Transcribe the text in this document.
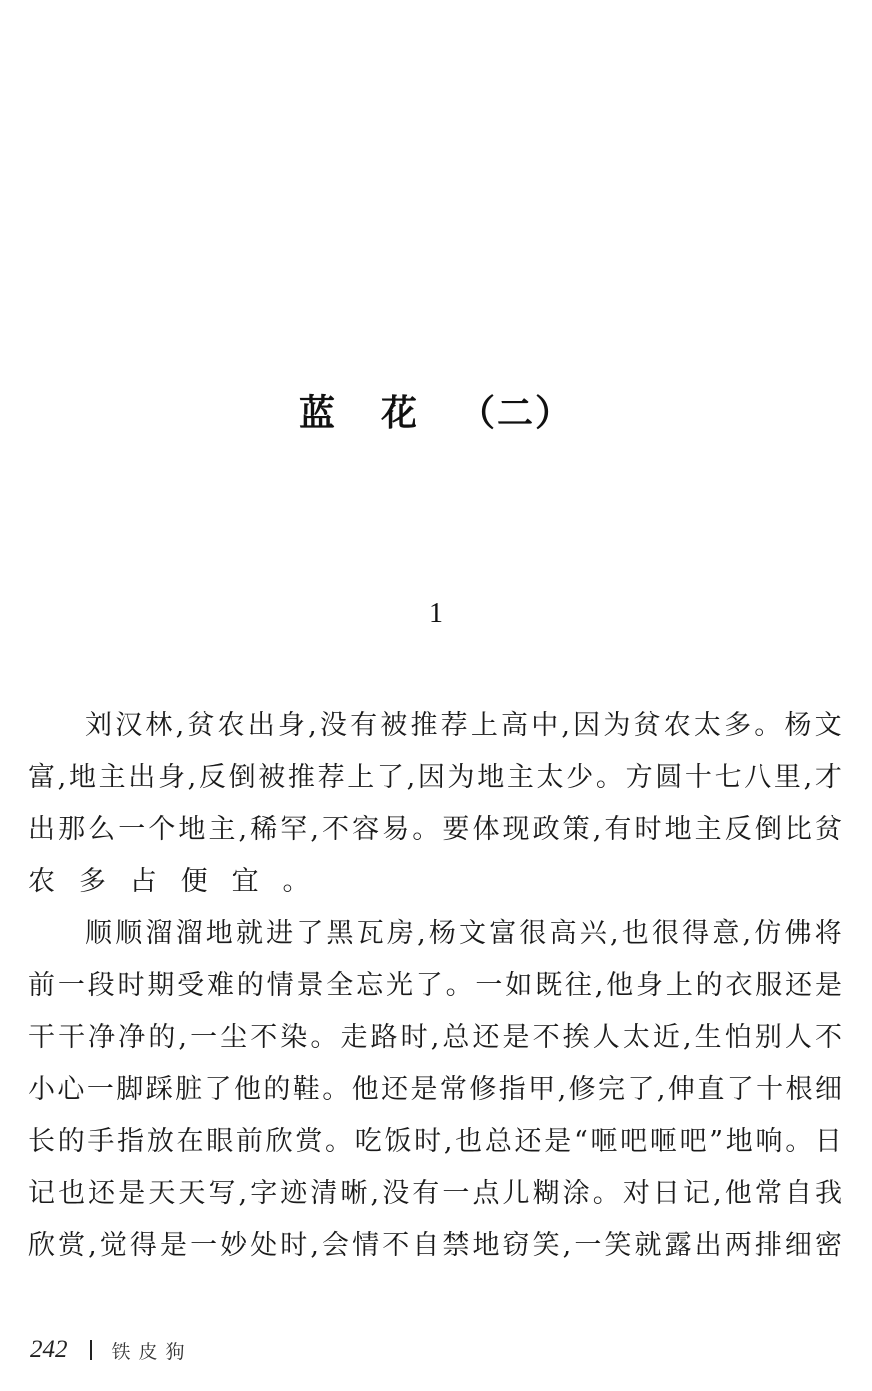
蓝 花 （二）
1
刘 汉 林 , 贫 农 出 身 , 没 有 被 推 荐 上 高 中 , 因 为 贫 农 太 多 。 杨 文
富 , 地 主 出 身 , 反 倒 被 推 荐 上 了 , 因 为 地 主 太 少 。 方 圆 十 七 八 里 , 才
出 那 么 一 个 地 主 , 稀 罕 , 不 容 易 。 要 体 现 政 策 , 有 时 地 主 反 倒 比 贫
农 多 占 便 宜 。
顺 顺 溜 溜 地 就 进 了 黑 瓦 房 , 杨 文 富 很 高 兴 , 也 很 得 意 , 仿 佛 将
前 一 段 时 期 受 难 的 情 景 全 忘 光 了 。 一 如 既 往 , 他 身 上 的 衣 服 还 是
干 干 净 净 的 , 一 尘 不 染 。 走 路 时 , 总 还 是 不 挨 人 太 近 , 生 怕 别 人 不
小 心 一 脚 踩 脏 了 他 的 鞋 。 他 还 是 常 修 指 甲 , 修 完 了 , 伸 直 了 十 根 细
长 的 手 指 放 在 眼 前 欣 赏 。 吃 饭 时 , 也 总 还 是 “ 咂 吧 咂 吧 ” 地 响 。 日
记 也 还 是 天 天 写 , 字 迹 清 晰 , 没 有 一 点 儿 糊 涂 。 对 日 记 , 他 常 自 我
欣 赏 , 觉 得 是 一 妙 处 时 , 会 情 不 自 禁 地 窃 笑 , 一 笑 就 露 出 两 排 细 密
242 铁皮狗
